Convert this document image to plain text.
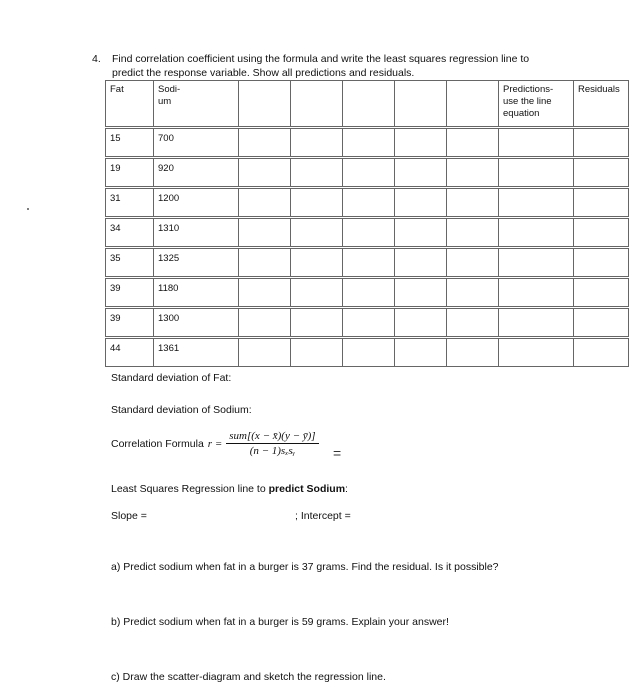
4. Find correlation coefficient using the formula and write the least squares regression line to
predict the response variable. Show all predictions and residuals.
Fat	Sodi-
um						Predictions-
use the line
equation	Residuals
15	700							
19	920							
31	1200							
34	1310							
35	1325							
39	1180							
39	1300							
44	1361							
Standard deviation of Fat:
Standard deviation of Sodium:
Correlation Formula $r = \frac{\text{sum[(x − x̄)(y − ȳ)]}}{\text{(n − 1)sₓsᵧ}}$ =
Least Squares Regression line to predict Sodium:
Slope =	; Intercept =
a) Predict sodium when fat in a burger is 37 grams. Find the residual. Is it possible?
b) Predict sodium when fat in a burger is 59 grams. Explain your answer!
c) Draw the scatter-diagram and sketch the regression line.
